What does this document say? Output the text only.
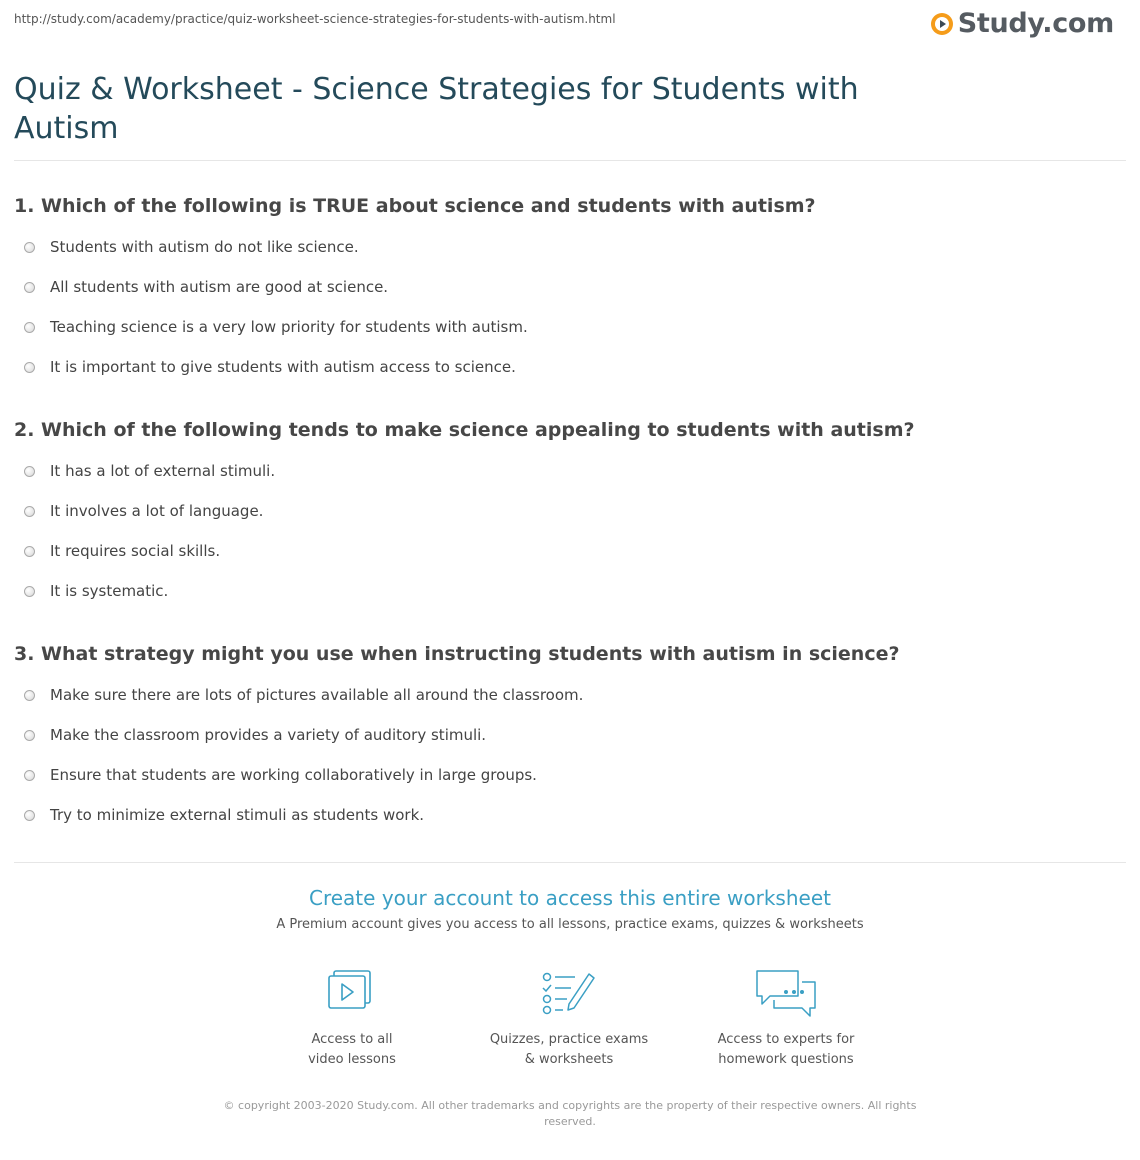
http://study.com/academy/practice/quiz-worksheet-science-strategies-for-students-with-autism.html	Study.com
Quiz & Worksheet - Science Strategies for Students with Autism
1. Which of the following is TRUE about science and students with autism?
Students with autism do not like science.
All students with autism are good at science.
Teaching science is a very low priority for students with autism.
It is important to give students with autism access to science.
2. Which of the following tends to make science appealing to students with autism?
It has a lot of external stimuli.
It involves a lot of language.
It requires social skills.
It is systematic.
3. What strategy might you use when instructing students with autism in science?
Make sure there are lots of pictures available all around the classroom.
Make the classroom provides a variety of auditory stimuli.
Ensure that students are working collaboratively in large groups.
Try to minimize external stimuli as students work.
Create your account to access this entire worksheet
A Premium account gives you access to all lessons, practice exams, quizzes & worksheets
Access to all
video lessons
Quizzes, practice exams
& worksheets
Access to experts for
homework questions
© copyright 2003-2020 Study.com. All other trademarks and copyrights are the property of their respective owners. All rights reserved.
